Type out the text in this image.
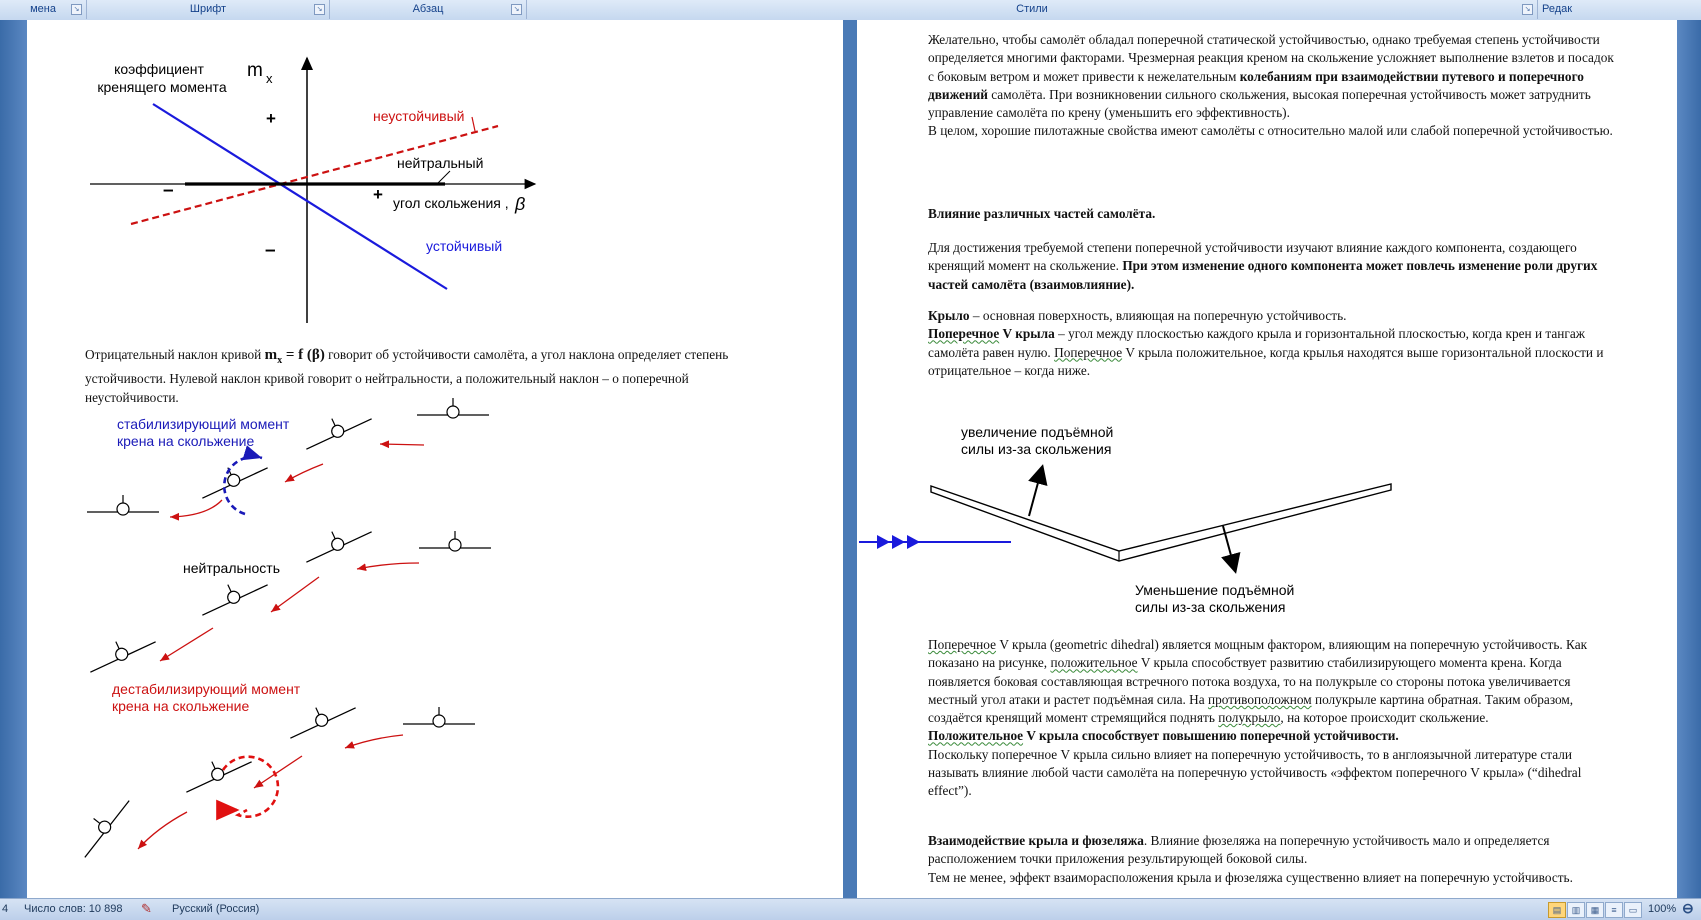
мена	↘	Шрифт	↘	Абзац	↘	Стили	↘	Редак
m x
коэффициент
кренящего момента
+
–
–	+
неустойчивый
нейтральный
устойчивый
угол скольжения , β
стабилизирующий момент
крена на скольжение
нейтральность
дестабилизирующий момент
крена на скольжение
Отрицательный наклон кривой $m_x = f$ (β) говорит об устойчивости самолёта, а угол наклона определяет степень устойчивости. Нулевой наклон кривой говорит о нейтральности, а положительный наклон – о поперечной неустойчивости.

Желательно, чтобы самолёт обладал поперечной статической устойчивостью, однако требуемая степень устойчивости определяется многими факторами. Чрезмерная реакция креном на скольжение усложняет выполнение взлетов и посадок с боковым ветром и может привести к нежелательным колебаниям при взаимодействии путевого и поперечного движений самолёта. При возникновении сильного скольжения, высокая поперечная устойчивость может затруднить управление самолёта по крену (уменьшить его эффективность).

В целом, хорошие пилотажные свойства имеют самолёты с относительно малой или слабой поперечной устойчивостью.

Влияние различных частей самолёта.
Для достижения требуемой степени поперечной устойчивости изучают влияние каждого компонента, создающего кренящий момент на скольжение. При этом изменение одного компонента может повлечь изменение роли других частей самолёта (взаимовлияние).

Крыло – основная поверхность, влияющая на поперечную устойчивость.

Поперечное V крыла – угол между плоскостью каждого крыла и горизонтальной плоскостью, когда крен и тангаж самолёта равен нулю. Поперечное V крыла положительное, когда крылья находятся выше горизонтальной плоскости и отрицательное – когда ниже.

увеличение подъёмной
силы из-за скольжения
Уменьшение подъёмной
силы из-за скольжения

Поперечное V крыла (geometric dihedral) является мощным фактором, влияющим на поперечную устойчивость. Как показано на рисунке, положительное V крыла способствует развитию стабилизирующего момента крена. Когда появляется боковая составляющая встречного потока воздуха, то на полукрыле со стороны потока увеличивается местный угол атаки и растет подъёмная сила. На противоположном полукрыле картина обратная. Таким образом, создаётся кренящий момент стремящийся поднять полукрыло, на которое происходит скольжение.

Положительное V крыла способствует повышению поперечной устойчивости.

Поскольку поперечное V крыла сильно влияет на поперечную устойчивость, то в англоязычной литературе стали называть влияние любой части самолёта на поперечную устойчивость «эффектом поперечного V крыла» (“dihedral effect”).

Взаимодействие крыла и фюзеляжа. Влияние фюзеляжа на поперечную устойчивость мало и определяется расположением точки приложения результирующей боковой силы.

Тем не менее, эффект взаиморасположения крыла и фюзеляжа существенно влияет на поперечную устойчивость.

4 Число слов: 10 898 ✎ Русский (Россия)	▤	▥	▦	≡	▭ 100% ⊖
